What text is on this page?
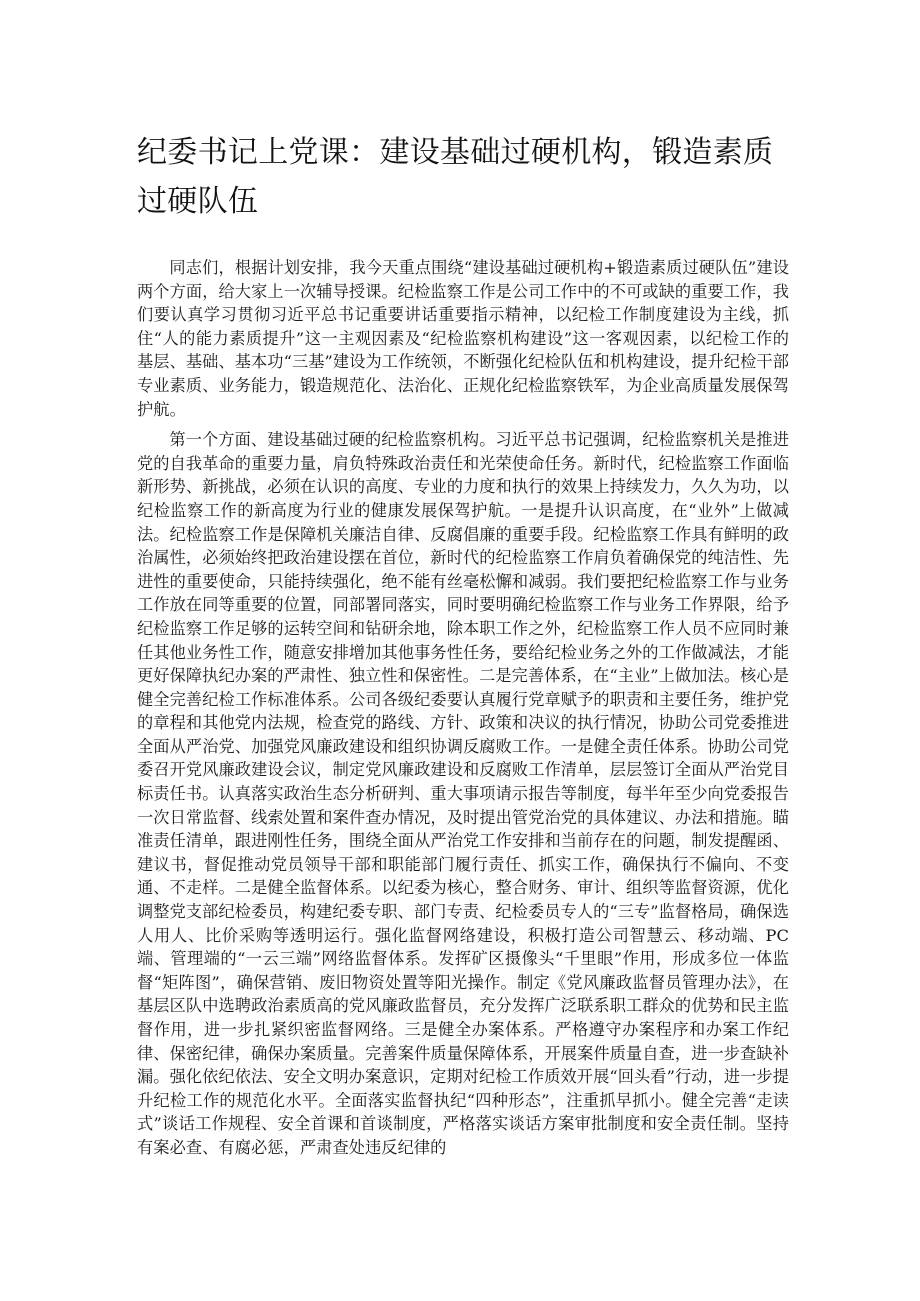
纪委书记上党课：建设基础过硬机构，锻造素质过硬队伍

同志们，根据计划安排，我今天重点围绕“建设基础过硬机构+锻造素质过硬队伍”建设两个方面，给大家上一次辅导授课。纪检监察工作是公司工作中的不可或缺的重要工作，我们要认真学习贯彻习近平总书记重要讲话重要指示精神，以纪检工作制度建设为主线，抓住“人的能力素质提升”这一主观因素及“纪检监察机构建设”这一客观因素，以纪检工作的基层、基础、基本功“三基”建设为工作统领，不断强化纪检队伍和机构建设，提升纪检干部专业素质、业务能力，锻造规范化、法治化、正规化纪检监察铁军，为企业高质量发展保驾护航。

第一个方面、建设基础过硬的纪检监察机构。习近平总书记强调，纪检监察机关是推进党的自我革命的重要力量，肩负特殊政治责任和光荣使命任务。新时代，纪检监察工作面临新形势、新挑战，必须在认识的高度、专业的力度和执行的效果上持续发力，久久为功，以纪检监察工作的新高度为行业的健康发展保驾护航。一是提升认识高度，在“业外”上做减法。纪检监察工作是保障机关廉洁自律、反腐倡廉的重要手段。纪检监察工作具有鲜明的政治属性，必须始终把政治建设摆在首位，新时代的纪检监察工作肩负着确保党的纯洁性、先进性的重要使命，只能持续强化，绝不能有丝毫松懈和减弱。我们要把纪检监察工作与业务工作放在同等重要的位置，同部署同落实，同时要明确纪检监察工作与业务工作界限，给予纪检监察工作足够的运转空间和钻研余地，除本职工作之外，纪检监察工作人员不应同时兼任其他业务性工作，随意安排增加其他事务性任务，要给纪检业务之外的工作做减法，才能更好保障执纪办案的严肃性、独立性和保密性。二是完善体系，在“主业”上做加法。核心是健全完善纪检工作标准体系。公司各级纪委要认真履行党章赋予的职责和主要任务，维护党的章程和其他党内法规，检查党的路线、方针、政策和决议的执行情况，协助公司党委推进全面从严治党、加强党风廉政建设和组织协调反腐败工作。一是健全责任体系。协助公司党委召开党风廉政建设会议，制定党风廉政建设和反腐败工作清单，层层签订全面从严治党目标责任书。认真落实政治生态分析研判、重大事项请示报告等制度，每半年至少向党委报告一次日常监督、线索处置和案件查办情况，及时提出管党治党的具体建议、办法和措施。瞄准责任清单，跟进刚性任务，围绕全面从严治党工作安排和当前存在的问题，制发提醒函、建议书，督促推动党员领导干部和职能部门履行责任、抓实工作，确保执行不偏向、不变通、不走样。二是健全监督体系。以纪委为核心，整合财务、审计、组织等监督资源，优化调整党支部纪检委员，构建纪委专职、部门专责、纪检委员专人的“三专”监督格局，确保选人用人、比价采购等透明运行。强化监督网络建设，积极打造公司智慧云、移动端、PC端、管理端的“一云三端”网络监督体系。发挥矿区摄像头“千里眼”作用，形成多位一体监督“矩阵图”，确保营销、废旧物资处置等阳光操作。制定《党风廉政监督员管理办法》，在基层区队中选聘政治素质高的党风廉政监督员，充分发挥广泛联系职工群众的优势和民主监督作用，进一步扎紧织密监督网络。三是健全办案体系。严格遵守办案程序和办案工作纪律、保密纪律，确保办案质量。完善案件质量保障体系，开展案件质量自查，进一步查缺补漏。强化依纪依法、安全文明办案意识，定期对纪检工作质效开展“回头看”行动，进一步提升纪检工作的规范化水平。全面落实监督执纪“四种形态”，注重抓早抓小。健全完善“走读式”谈话工作规程、安全首课和首谈制度，严格落实谈话方案审批制度和安全责任制。坚持有案必查、有腐必惩，严肃查处违反纪律的
